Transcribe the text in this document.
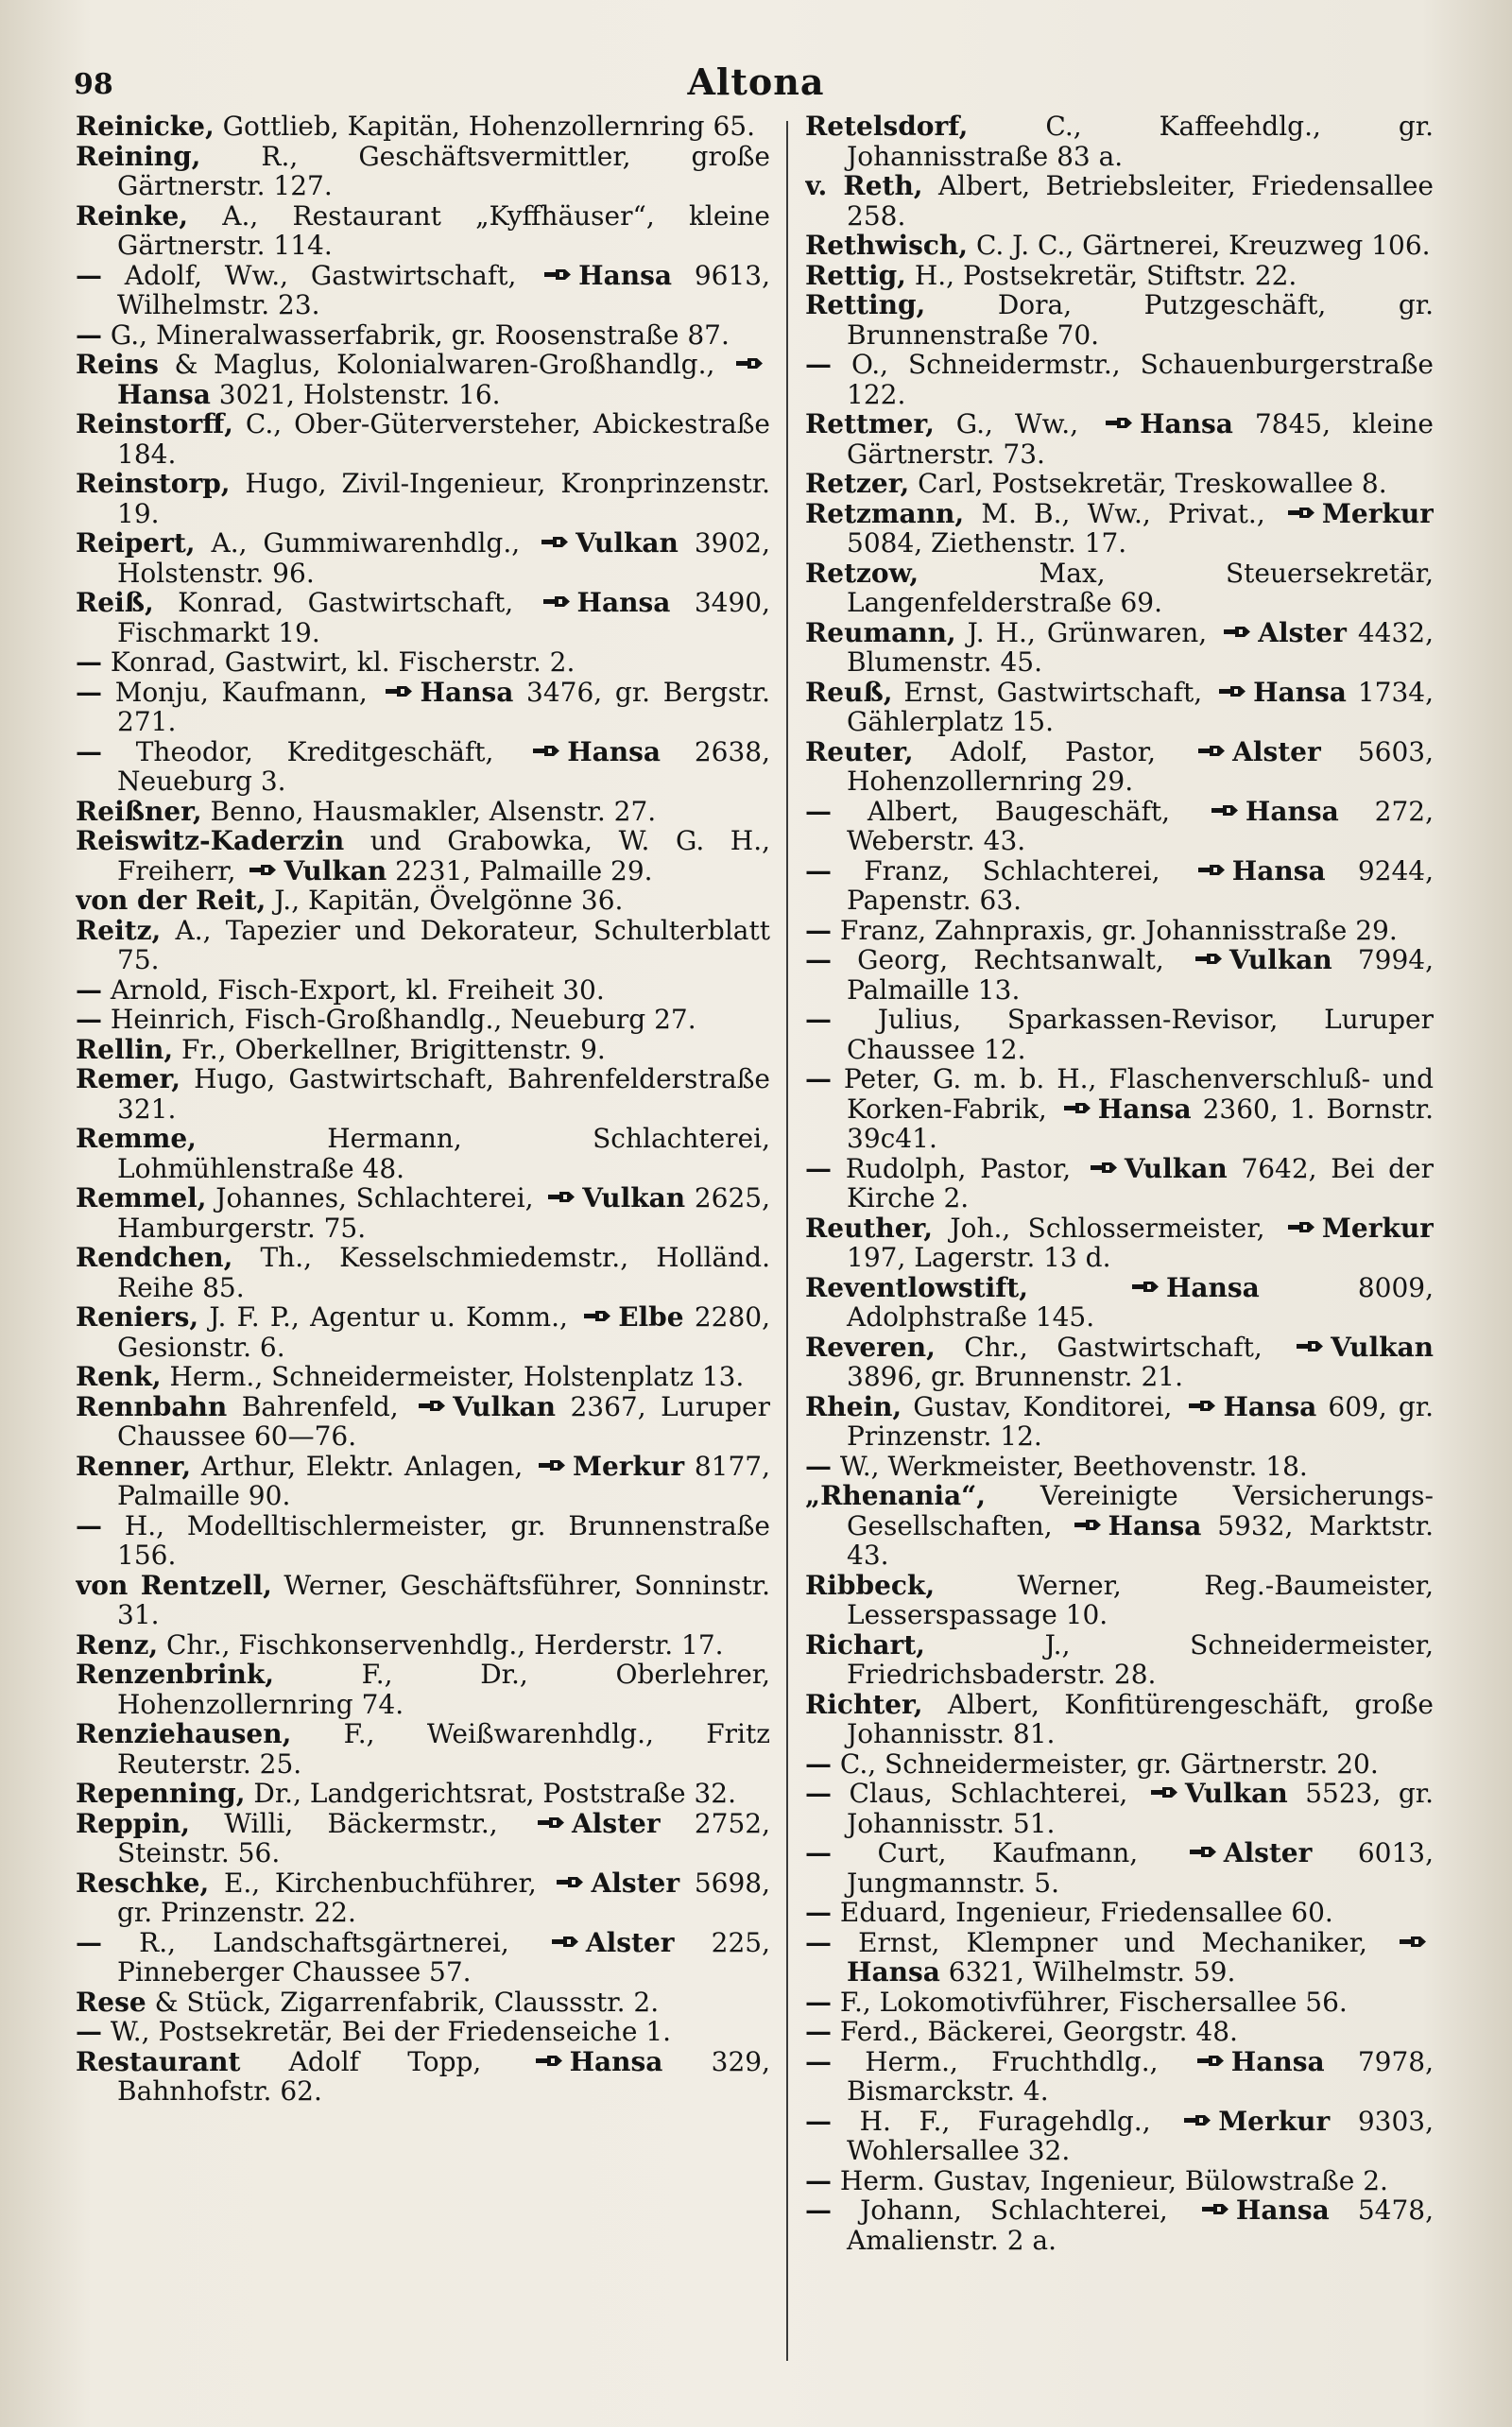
98	Altona
Reinicke, Gottlieb, Kapitän, Hohenzollernring 65.
Reining, R., Geschäftsvermittler, große Gärtnerstr. 127.
Reinke, A., Restaurant „Kyffhäuser“, kleine Gärtnerstr. 114.
— Adolf, Ww., Gastwirtschaft, Hansa 9613, Wilhelmstr. 23.
— G., Mineralwasserfabrik, gr. Roosenstraße 87.
Reins & Maglus, Kolonialwaren-Großhandlg.,
Hansa 3021, Holstenstr. 16.
Reinstorff, C., Ober-Güterversteher, Abickestraße 184.
Reinstorp, Hugo, Zivil-Ingenieur, Kronprinzenstr. 19.
Reipert, A., Gummiwarenhdlg., Vulkan 3902, Holstenstr. 96.
Reiß, Konrad, Gastwirtschaft, Hansa 3490, Fischmarkt 19.
— Konrad, Gastwirt, kl. Fischerstr. 2.
— Monju, Kaufmann, Hansa 3476, gr. Bergstr. 271.
— Theodor, Kreditgeschäft,	Hansa 2638, Neueburg 3.
Reißner, Benno, Hausmakler, Alsenstr. 27.
Reiswitz-Kaderzin und Grabowka, W. G. H., Freiherr, Vulkan 2231, Palmaille 29.
von der Reit, J., Kapitän, Övelgönne 36.
Reitz, A., Tapezier und Dekorateur, Schulterblatt 75.
— Arnold, Fisch-Export, kl. Freiheit 30.
— Heinrich, Fisch-Großhandlg., Neueburg 27.
Rellin, Fr., Oberkellner, Brigittenstr. 9.
Remer, Hugo, Gastwirtschaft, Bahrenfelderstraße 321.
Remme, Hermann, Schlachterei, Lohmühlenstraße 48.
Remmel, Johannes, Schlachterei, Vulkan 2625, Hamburgerstr. 75.
Rendchen, Th., Kesselschmiedemstr., Holländ. Reihe 85.
Reniers, J. F. P., Agentur u. Komm., Elbe 2280, Gesionstr. 6.
Renk, Herm., Schneidermeister, Holstenplatz 13.
Rennbahn Bahrenfeld, Vulkan 2367, Luruper Chaussee 60—76.
Renner, Arthur, Elektr. Anlagen, Merkur 8177, Palmaille 90.
— H., Modelltischlermeister, gr. Brunnenstraße 156.
von Rentzell, Werner, Geschäftsführer, Sonninstr. 31.
Renz, Chr., Fischkonservenhdlg., Herderstr. 17.
Renzenbrink, F., Dr., Oberlehrer, Hohenzollernring 74.
Renziehausen, F., Weißwarenhdlg., Fritz Reuterstr. 25.
Repenning, Dr., Landgerichtsrat, Poststraße 32.
Reppin, Willi, Bäckermstr.,	Alster 2752, Steinstr. 56.
Reschke, E., Kirchenbuchführer, Alster 5698, gr. Prinzenstr. 22.
— R., Landschaftsgärtnerei,	Alster 225, Pinneberger Chaussee 57.
Rese & Stück, Zigarrenfabrik, Claussstr. 2.
— W., Postsekretär, Bei der Friedenseiche 1.
Restaurant Adolf Topp,	Hansa 329, Bahnhofstr. 62.
Retelsdorf, C., Kaffeehdlg., gr. Johannisstraße 83 a.
v. Reth, Albert, Betriebsleiter, Friedensallee 258.
Rethwisch, C. J. C., Gärtnerei, Kreuzweg 106.
Rettig, H., Postsekretär, Stiftstr. 22.
Retting, Dora, Putzgeschäft, gr. Brunnenstraße 70.
— O., Schneidermstr., Schauenburgerstraße 122.
Rettmer, G., Ww., Hansa 7845, kleine Gärtnerstr. 73.
Retzer, Carl, Postsekretär, Treskowallee 8.
Retzmann, M. B., Ww., Privat., Merkur 5084, Ziethenstr. 17.
Retzow, Max, Steuersekretär, Langenfelderstraße 69.
Reumann, J. H., Grünwaren, Alster 4432, Blumenstr. 45.
Reuß, Ernst, Gastwirtschaft, Hansa 1734, Gählerplatz 15.
Reuter, Adolf, Pastor,	Alster 5603, Hohenzollernring 29.
— Albert, Baugeschäft,	Hansa 272, Weberstr. 43.
— Franz, Schlachterei,	Hansa 9244, Papenstr. 63.
— Franz, Zahnpraxis, gr. Johannisstraße 29.
— Georg, Rechtsanwalt, Vulkan 7994, Palmaille 13.
— Julius, Sparkassen-Revisor, Luruper Chaussee 12.
— Peter, G. m. b. H., Flaschenverschluß- und Korken-Fabrik, Hansa 2360, 1. Bornstr. 39c41.
— Rudolph, Pastor, Vulkan 7642, Bei der Kirche 2.
Reuther, Joh., Schlossermeister, Merkur 197, Lagerstr. 13 d.
Reventlowstift,	Hansa 8009, Adolphstraße 145.
Reveren, Chr., Gastwirtschaft,	Vulkan 3896, gr. Brunnenstr. 21.
Rhein, Gustav, Konditorei, Hansa 609, gr. Prinzenstr. 12.
— W., Werkmeister, Beethovenstr. 18.
„Rhenania“, Vereinigte Versicherungs-Gesellschaften, Hansa 5932, Marktstr. 43.
Ribbeck, Werner, Reg.-Baumeister, Lesserspassage 10.
Richart, J., Schneidermeister, Friedrichsbaderstr. 28.
Richter, Albert, Konfitürengeschäft, große Johannisstr. 81.
— C., Schneidermeister, gr. Gärtnerstr. 20.
— Claus, Schlachterei, Vulkan 5523, gr. Johannisstr. 51.
— Curt, Kaufmann,	Alster 6013, Jungmannstr. 5.
— Eduard, Ingenieur, Friedensallee 60.
— Ernst, Klempner und Mechaniker,
Hansa 6321, Wilhelmstr. 59.
— F., Lokomotivführer, Fischersallee 56.
— Ferd., Bäckerei, Georgstr. 48.
— Herm., Fruchthdlg.,	Hansa 7978, Bismarckstr. 4.
— H. F., Furagehdlg.,	Merkur 9303, Wohlersallee 32.
— Herm. Gustav, Ingenieur, Bülowstraße 2.
— Johann, Schlachterei,	Hansa 5478, Amalienstr. 2 a.
